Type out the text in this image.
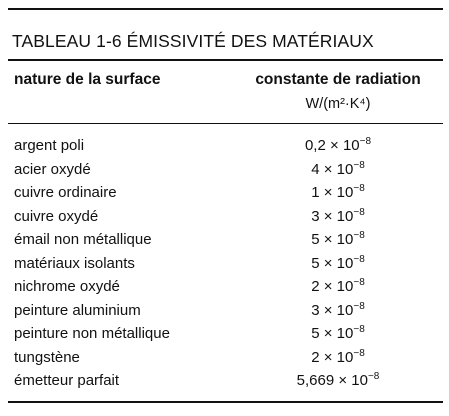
TABLEAU 1-6 ÉMISSIVITÉ DES MATÉRIAUX
nature de la surface	constante de radiation
W/(m²·K⁴)
argent poli	$0,2 \times 10^{-8}$
acier oxydé	$4 \times 10^{-8}$
cuivre ordinaire	$1 \times 10^{-8}$
cuivre oxydé	$3 \times 10^{-8}$
émail non métallique	$5 \times 10^{-8}$
matériaux isolants	$5 \times 10^{-8}$
nichrome oxydé	$2 \times 10^{-8}$
peinture aluminium	$3 \times 10^{-8}$
peinture non métallique	$5 \times 10^{-8}$
tungstène	$2 \times 10^{-8}$
émetteur parfait	$5,669 \times 10^{-8}$
